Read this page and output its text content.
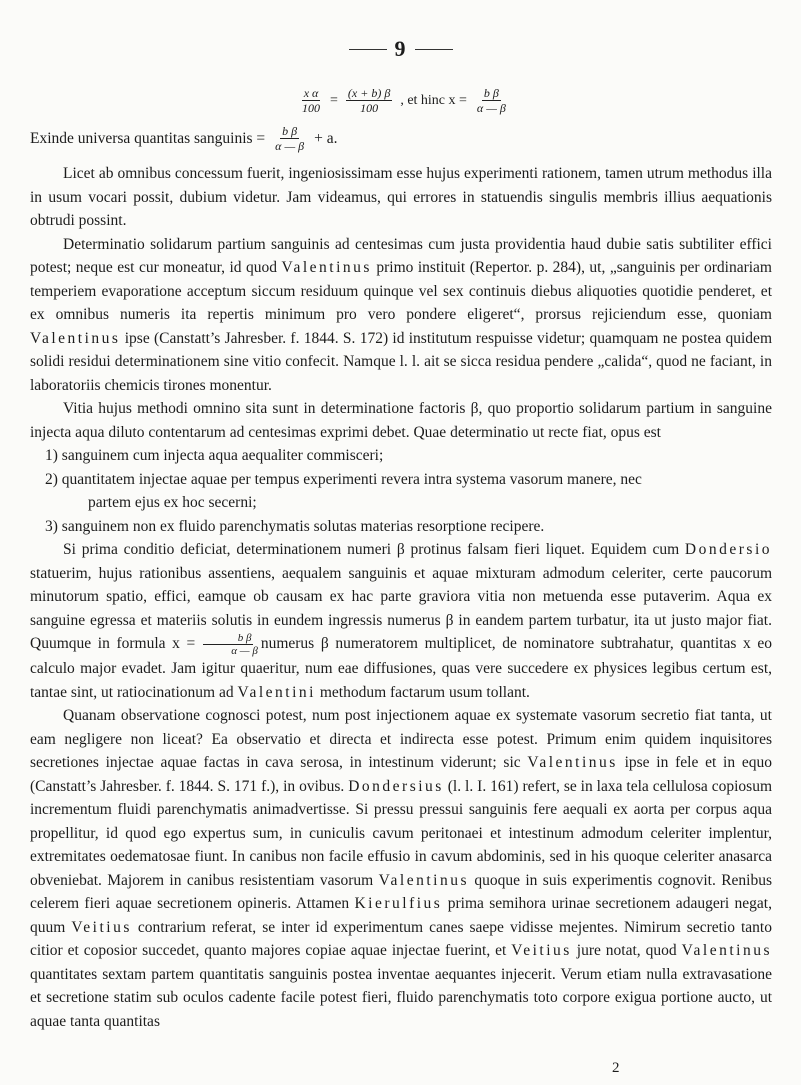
9
$\frac{\text{x α}}{100} = \frac{(x + b) \beta}{100}$ , et hinc $x = \frac{\text{b β}}{\alpha — \beta}$
Exinde universa quantitas sanguinis = $\frac{\text{b β}}{\alpha — \beta} + a$.

Licet ab omnibus concessum fuerit, ingeniosissimam esse hujus experimenti rationem, tamen utrum methodus illa in usum vocari possit, dubium videtur. Jam videamus, qui errores in statuendis singulis membris illius aequationis obtrudi possint.

Determinatio solidarum partium sanguinis ad centesimas cum justa providentia haud dubie satis subtiliter effici potest; neque est cur moneatur, id quod Valentinus primo instituit (Repertor. p. 284), ut, „sanguinis per ordinariam temperiem evaporatione acceptum siccum residuum quinque vel sex continuis diebus aliquoties quotidie penderet, et ex omnibus numeris ita repertis minimum pro vero pondere eligeret“, prorsus rejiciendum esse, quoniam Valentinus ipse (Canstatt’s Jahresber. f. 1844. S. 172) id institutum respuisse videtur; quamquam ne postea quidem solidi residui determinationem sine vitio confecit. Namque l. l. ait se sicca residua pendere „calida“, quod ne faciant, in laboratoriis chemicis tirones monentur.

Vitia hujus methodi omnino sita sunt in determinatione factoris β, quo proportio solidarum partium in sanguine injecta aqua diluto contentarum ad centesimas exprimi debet. Quae determinatio ut recte fiat, opus est

1) sanguinem cum injecta aqua aequaliter commisceri;
2) quantitatem injectae aquae per tempus experimenti revera intra systema vasorum manere, nec
partem ejus ex hoc secerni;
3) sanguinem non ex fluido parenchymatis solutas materias resorptione recipere.

Si prima conditio deficiat, determinationem numeri β protinus falsam fieri liquet. Equidem cum Dondersio statuerim, hujus rationibus assentiens, aequalem sanguinis et aquae mixturam admodum celeriter, certe paucorum minutorum spatio, effici, eamque ob causam ex hac parte graviora vitia non metuenda esse putaverim. Aqua ex sanguine egressa et materiis solutis in eundem ingressis numerus β in eandem partem turbatur, ita ut justo major fiat. Quumque in formula $x = \frac{\text{b β}}{\alpha — \beta}$ numerus β numeratorem multiplicet, de nominatore subtrahatur, quantitas x eo calculo major evadet. Jam igitur quaeritur, num eae diffusiones, quas vere succedere ex physices legibus certum est, tantae sint, ut ratiocinationum ad Valentini methodum factarum usum tollant.

Quanam observatione cognosci potest, num post injectionem aquae ex systemate vasorum secretio fiat tanta, ut eam negligere non liceat? Ea observatio et directa et indirecta esse potest. Primum enim quidem inquisitores secretiones injectae aquae factas in cava serosa, in intestinum viderunt; sic Valentinus ipse in fele et in equo (Canstatt’s Jahresber. f. 1844. S. 171 f.), in ovibus. Dondersius (l. l. I. 161) refert, se in laxa tela cellulosa copiosum incrementum fluidi parenchymatis animadvertisse. Si pressu pressui sanguinis fere aequali ex aorta per corpus aqua propellitur, id quod ego expertus sum, in cuniculis cavum peritonaei et intestinum admodum celeriter implentur, extremitates oedematosae fiunt. In canibus non facile effusio in cavum abdominis, sed in his quoque celeriter anasarca obveniebat. Majorem in canibus resistentiam vasorum Valentinus quoque in suis experimentis cognovit. Renibus celerem fieri aquae secretionem opineris. Attamen Kierulfius prima semihora urinae secretionem adaugeri negat, quum Veitius contrarium referat, se inter id experimentum canes saepe vidisse mejentes. Nimirum secretio tanto citior et coposior succedet, quanto majores copiae aquae injectae fuerint, et Veitius jure notat, quod Valentinus quantitates sextam partem quantitatis sanguinis postea inventae aequantes injecerit. Verum etiam nulla extravasatione et secretione statim sub oculos cadente facile potest fieri, fluido parenchymatis toto corpore exigua portione aucto, ut aquae tanta quantitas

2
